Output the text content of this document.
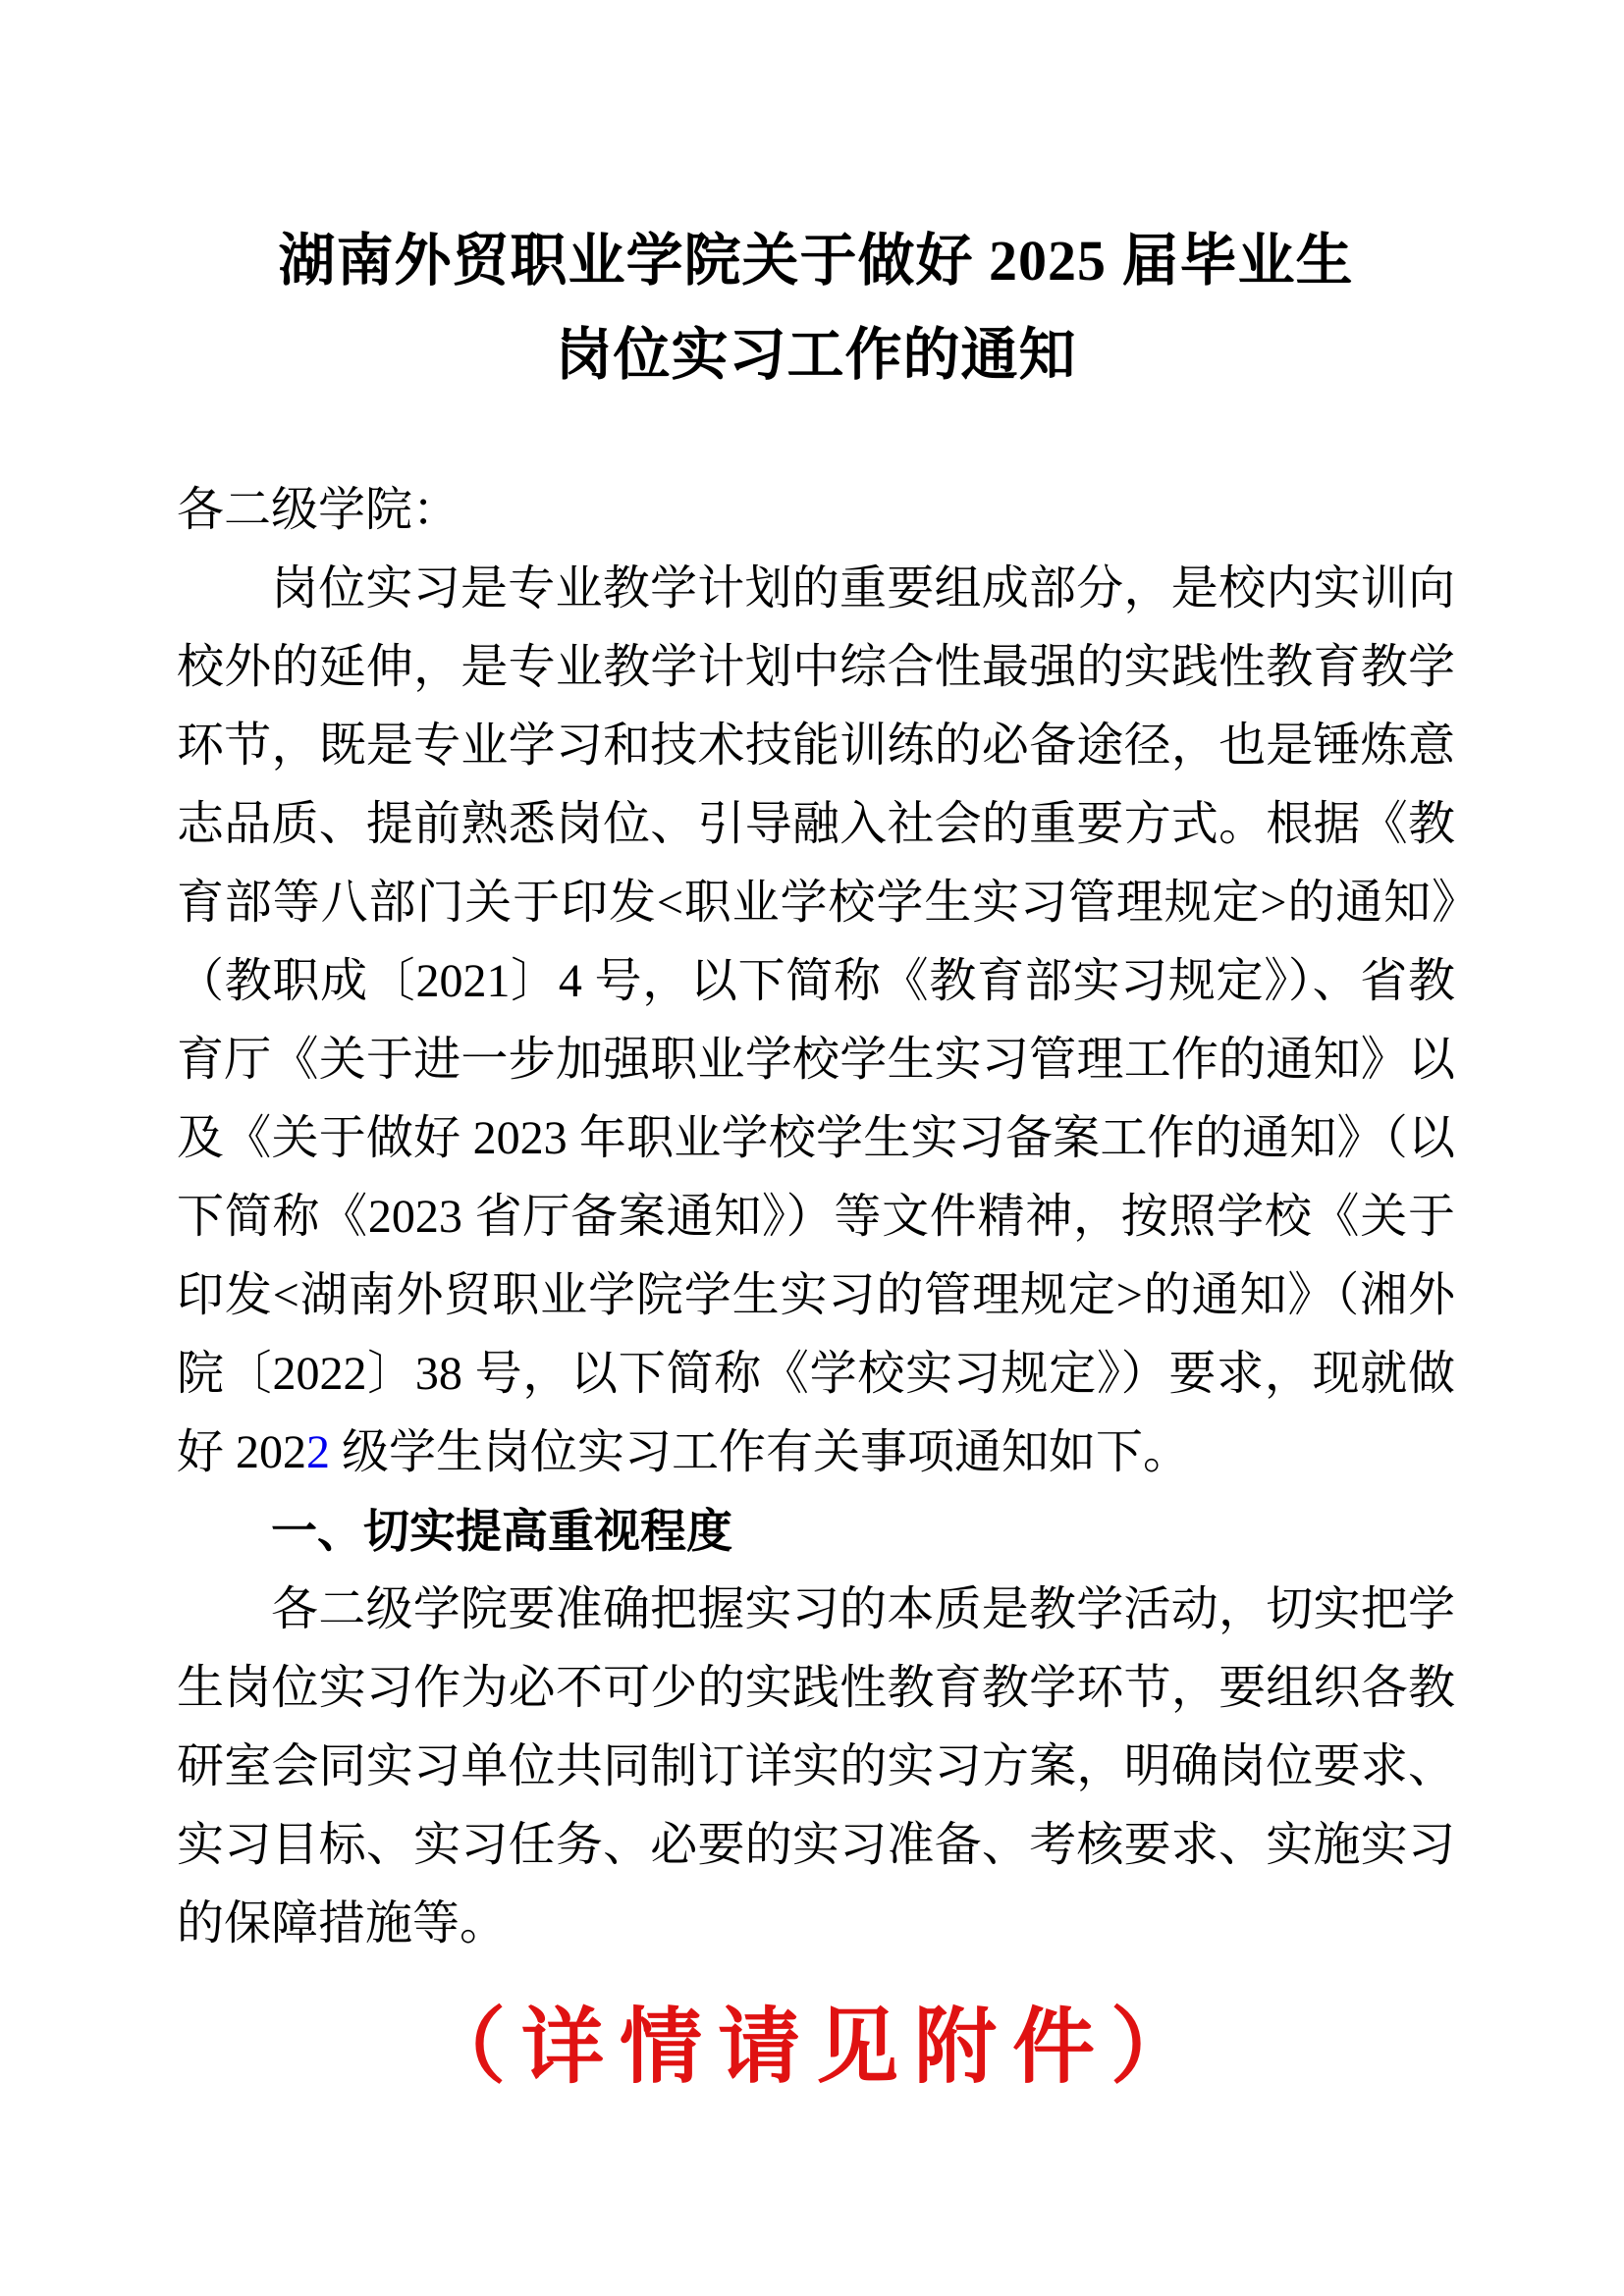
湖南外贸职业学院关于做好 2025 届毕业生
岗位实习工作的通知

各二级学院：

岗位实习是专业教学计划的重要组成部分，是校内实训向校外的延伸，是专业教学计划中综合性最强的实践性教育教学环节，既是专业学习和技术技能训练的必备途径，也是锤炼意志品质、提前熟悉岗位、引导融入社会的重要方式。根据《教育部等八部门关于印发<职业学校学生实习管理规定>的通知》（教职成〔2021〕4 号，以下简称《教育部实习规定》）、省教育厅《关于进一步加强职业学校学生实习管理工作的通知》以及《关于做好 2023 年职业学校学生实习备案工作的通知》（以下简称《2023 省厅备案通知》）等文件精神，按照学校《关于印发<湖南外贸职业学院学生实习的管理规定>的通知》（湘外院〔2022〕38 号，以下简称《学校实习规定》）要求，现就做好 2022 级学生岗位实习工作有关事项通知如下。

一、切实提高重视程度

各二级学院要准确把握实习的本质是教学活动，切实把学生岗位实习作为必不可少的实践性教育教学环节，要组织各教研室会同实习单位共同制订详实的实习方案，明确岗位要求、实习目标、实习任务、必要的实习准备、考核要求、实施实习的保障措施等。

（详情请见附件）
